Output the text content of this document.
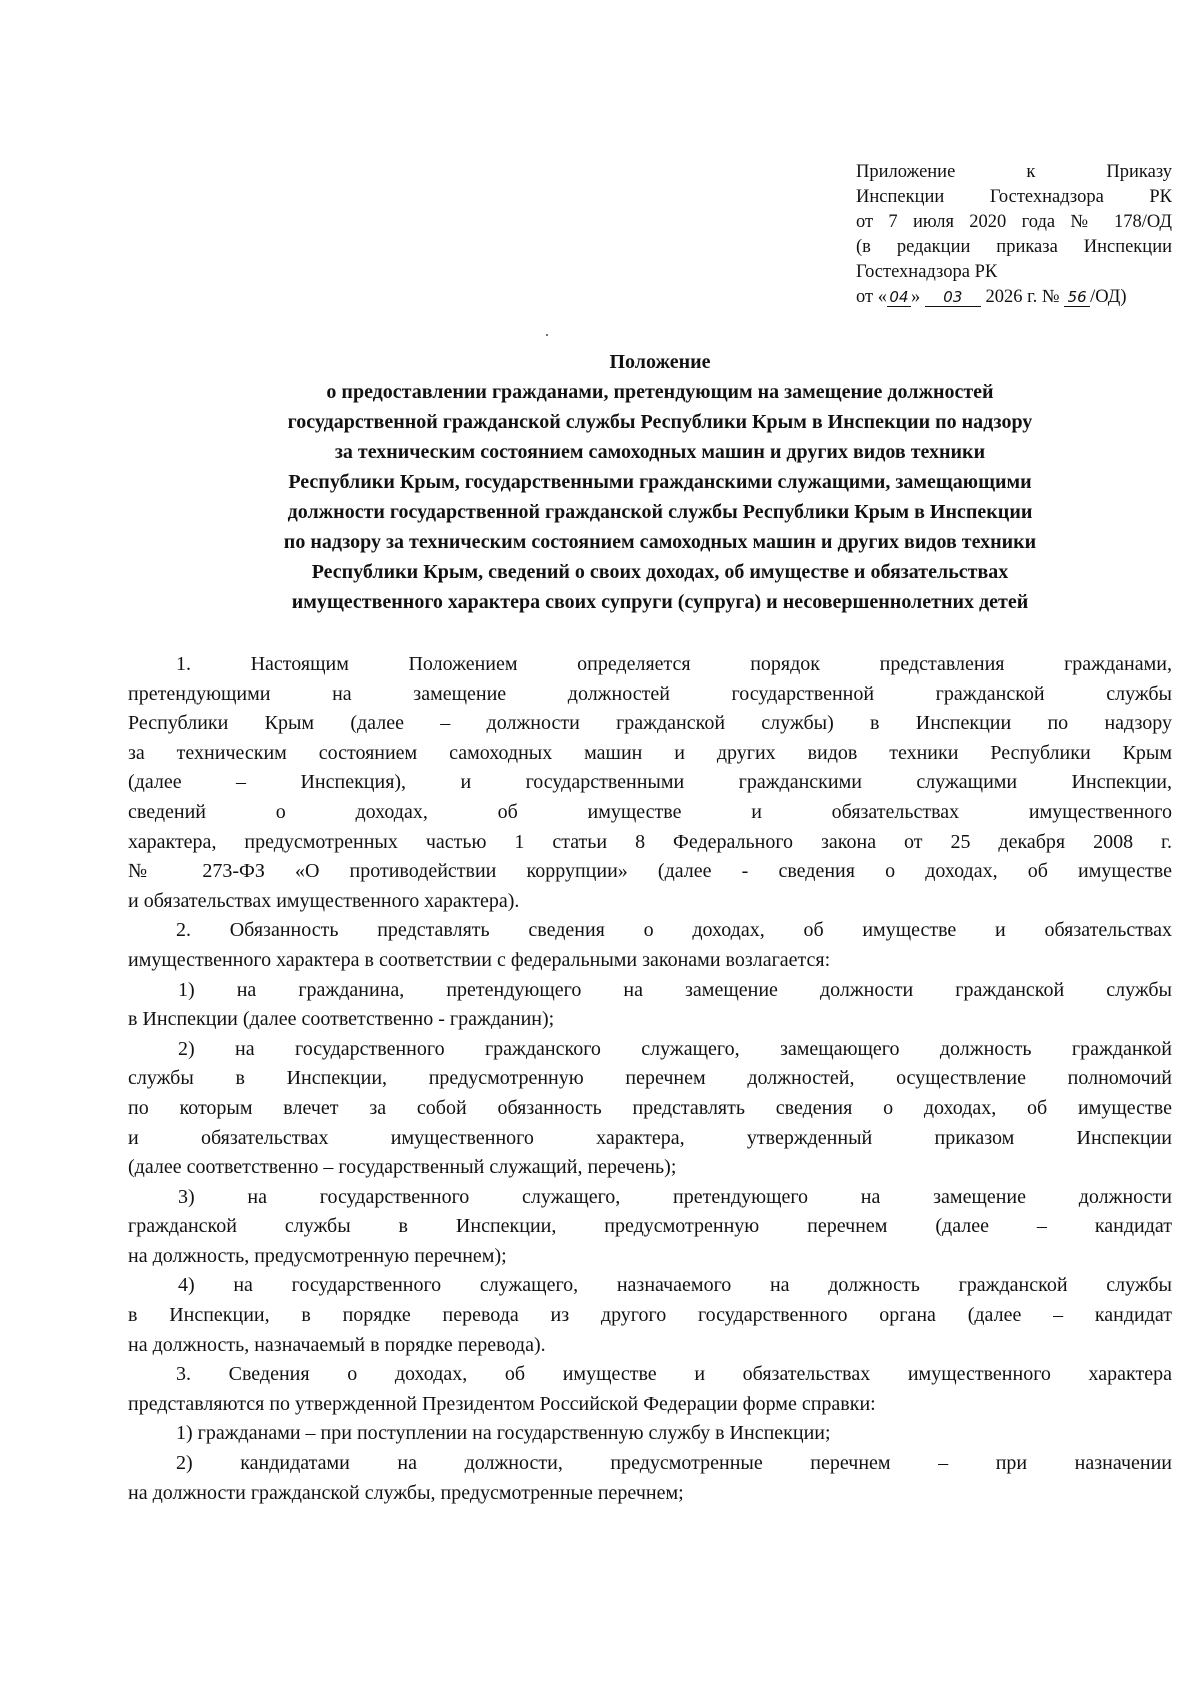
Приложение к Приказу
Инспекции Гостехнадзора РК
от 7 июля 2020 года № 178/ОД
(в редакции приказа Инспекции
Гостехнадзора РК
от « 04 » 03 2026 г. № 56 /ОД)
Положение
о предоставлении гражданами, претендующим на замещение должностей
государственной гражданской службы Республики Крым в Инспекции по надзору
за техническим состоянием самоходных машин и других видов техники
Республики Крым, государственными гражданскими служащими, замещающими
должности государственной гражданской службы Республики Крым в Инспекции
по надзору за техническим состоянием самоходных машин и других видов техники
Республики Крым, сведений о своих доходах, об имуществе и обязательствах
имущественного характера своих супруги (супруга) и несовершеннолетних детей
1. Настоящим Положением определяется порядок представления гражданами,
претендующими на замещение должностей государственной гражданской службы
Республики Крым (далее – должности гражданской службы) в Инспекции по надзору
за техническим состоянием самоходных машин и других видов техники Республики Крым
(далее – Инспекция), и государственными гражданскими служащими Инспекции,
сведений о доходах, об имуществе и обязательствах имущественного
характера, предусмотренных частью 1 статьи 8 Федерального закона от 25 декабря 2008 г.
№ 273-ФЗ «О противодействии коррупции» (далее - сведения о доходах, об имуществе
и обязательствах имущественного характера).
2. Обязанность представлять сведения о доходах, об имуществе и обязательствах
имущественного характера в соответствии с федеральными законами возлагается:
1) на гражданина, претендующего на замещение должности гражданской службы
в Инспекции (далее соответственно - гражданин);
2) на государственного гражданского служащего, замещающего должность гражданкой
службы в Инспекции, предусмотренную перечнем должностей, осуществление полномочий
по которым влечет за собой обязанность представлять сведения о доходах, об имуществе
и обязательствах имущественного характера, утвержденный приказом Инспекции
(далее соответственно – государственный служащий, перечень);
3) на государственного служащего, претендующего на замещение должности
гражданской службы в Инспекции, предусмотренную перечнем (далее – кандидат
на должность, предусмотренную перечнем);
4) на государственного служащего, назначаемого на должность гражданской службы
в Инспекции, в порядке перевода из другого государственного органа (далее – кандидат
на должность, назначаемый в порядке перевода).
3. Сведения о доходах, об имуществе и обязательствах имущественного характера
представляются по утвержденной Президентом Российской Федерации форме справки:
1) гражданами – при поступлении на государственную службу в Инспекции;
2) кандидатами на должности, предусмотренные перечнем – при назначении
на должности гражданской службы, предусмотренные перечнем;
